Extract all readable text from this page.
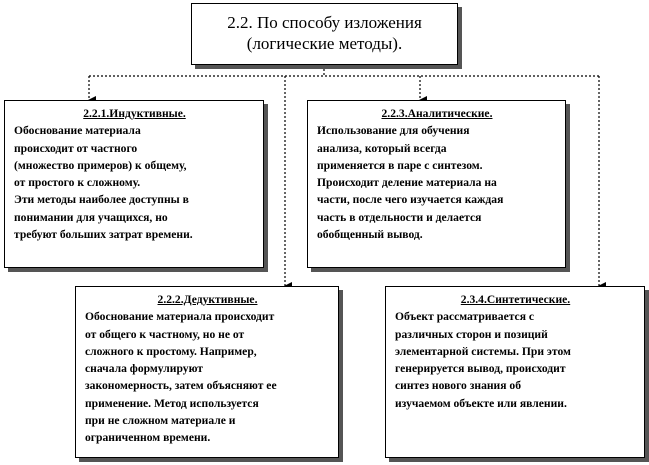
2.2. По способу изложения
(логические методы).
2.2.1.Индуктивные.
Обоснование материала
происходит от частного
(множество примеров) к общему,
от простого к сложному.
Эти методы наиболее доступны в
понимании для учащихся, но
требуют больших затрат времени.
2.2.3.Аналитические.
Использование для обучения
анализа, который всегда
применяется в паре с синтезом.
Происходит деление материала на
части, после чего изучается каждая
часть в отдельности и делается
обобщенный вывод.
2.2.2.Дедуктивные.
Обоснование материала происходит
от общего к частному, но не от
сложного к простому. Например,
сначала формулируют
закономерность, затем объясняют ее
применение. Метод используется
при не сложном материале и
ограниченном времени.
2.3.4.Синтетические.
Объект рассматривается с
различных сторон и позиций
элементарной системы. При этом
генерируется вывод, происходит
синтез нового знания об
изучаемом объекте или явлении.
